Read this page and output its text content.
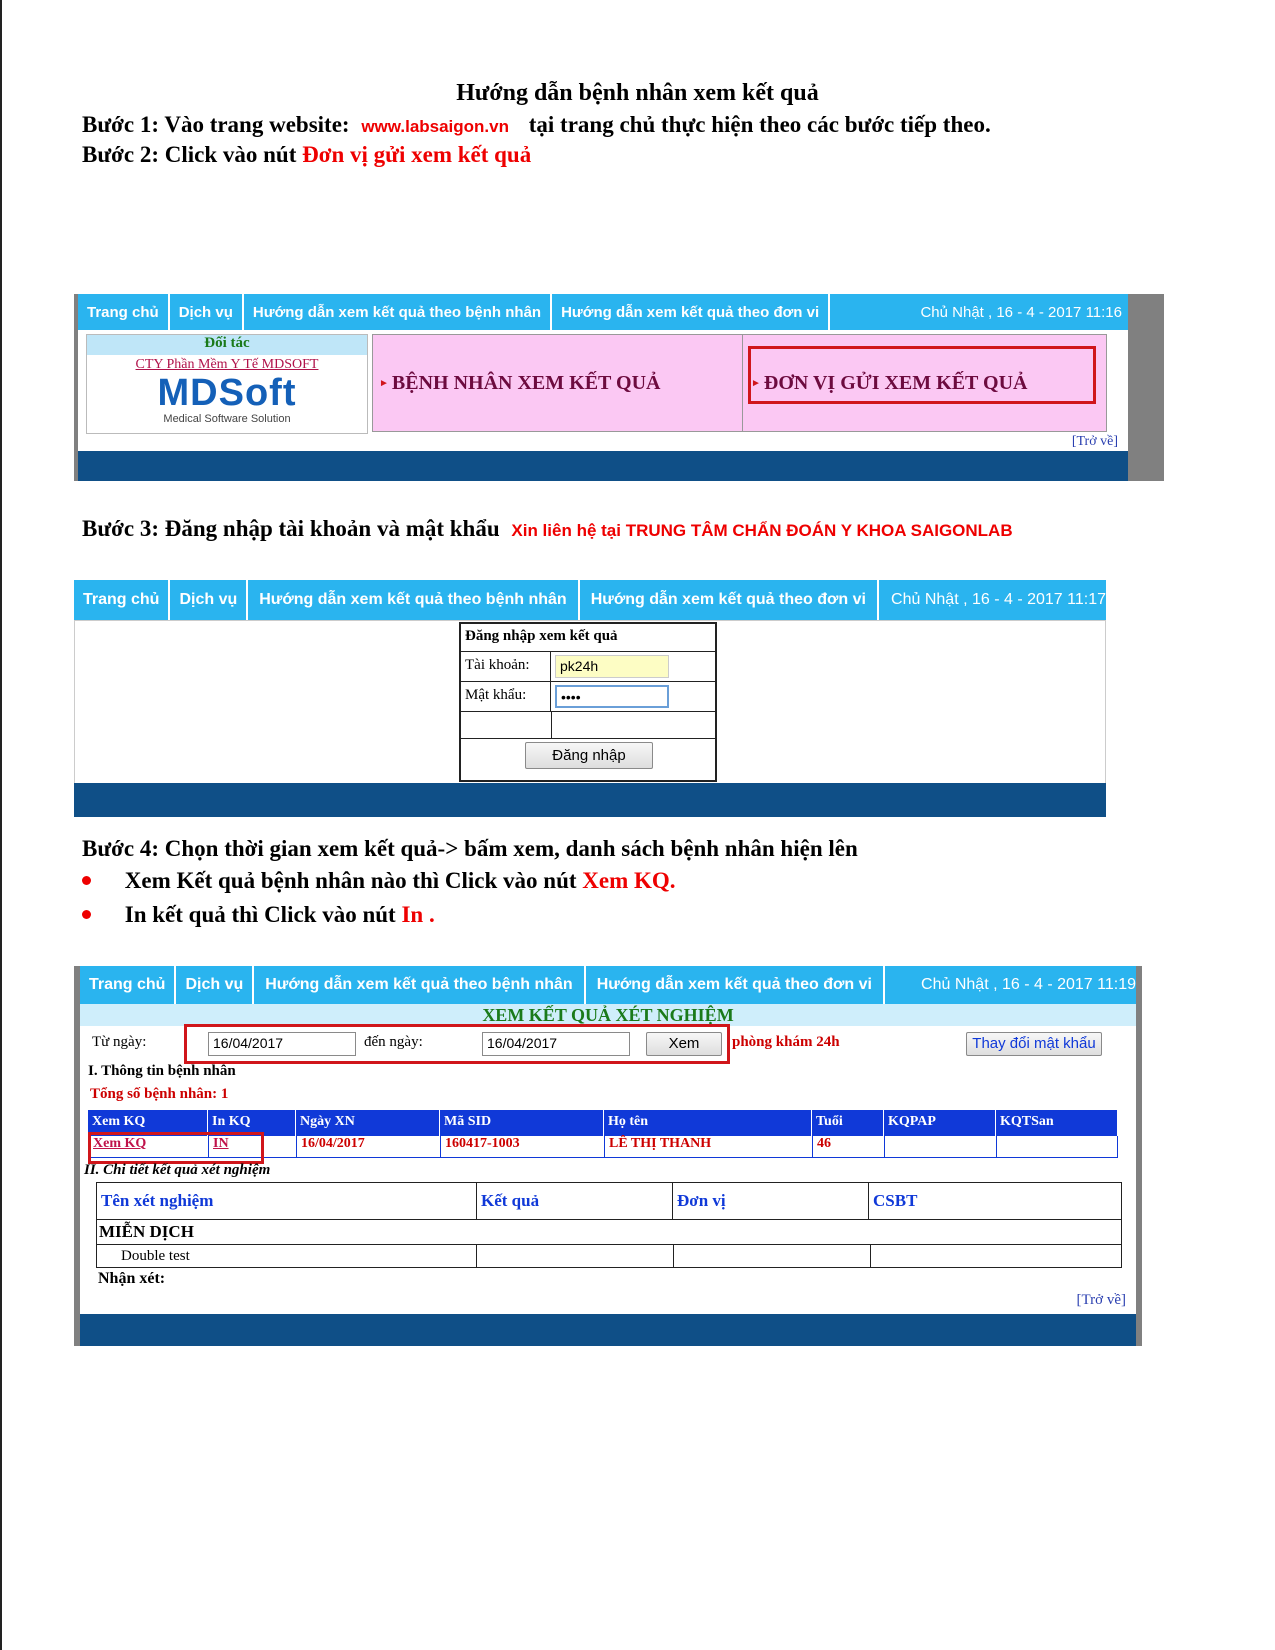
Hướng dẫn bệnh nhân xem kết quả
Bước 1: Vào trang website: www.labsaigon.vn tại trang chủ thực hiện theo các bước tiếp theo.
Bước 2: Click vào nút Đơn vị gửi xem kết quả
Trang chủ	Dịch vụ	Hướng dẫn xem kết quả theo bệnh nhân	Hướng dẫn xem kết quả theo đơn vi	Chủ Nhật , 16 - 4 - 2017 11:16
Đối tác
CTY Phần Mềm Y Tế MDSOFT
MDSoft
Medical Software Solution
► BỆNH NHÂN XEM KẾT QUẢ	► ĐƠN VỊ GỬI XEM KẾT QUẢ
[Trở về]
Bước 3: Đăng nhập tài khoản và mật khẩu Xin liên hệ tại TRUNG TÂM CHẨN ĐOÁN Y KHOA SAIGONLAB
Trang chủ	Dịch vụ	Hướng dẫn xem kết quả theo bệnh nhân	Hướng dẫn xem kết quả theo đơn vi	Chủ Nhật , 16 - 4 - 2017 11:17
Đăng nhập xem kết quả
Tài khoản:	pk24h
Mật khẩu:	••••
Đăng nhập
Bước 4: Chọn thời gian xem kết quả-> bấm xem, danh sách bệnh nhân hiện lên
Xem Kết quả bệnh nhân nào thì Click vào nút Xem KQ.
In kết quả thì Click vào nút In .
Trang chủ	Dịch vụ	Hướng dẫn xem kết quả theo bệnh nhân	Hướng dẫn xem kết quả theo đơn vi	Chủ Nhật , 16 - 4 - 2017 11:19
XEM KẾT QUẢ XÉT NGHIỆM
Từ ngày:	16/04/2017	đến ngày:	16/04/2017	Xem	phòng khám 24h	Thay đổi mật khẩu
I. Thông tin bệnh nhân
Tổng số bệnh nhân: 1
Xem KQ	In KQ	Ngày XN	Mã SID	Họ tên	Tuổi	KQPAP	KQTSan
Xem KQ	IN	16/04/2017	160417-1003	LÊ THỊ THANH	46
II. Chi tiết kết quả xét nghiệm
Tên xét nghiệm	Kết quả	Đơn vị	CSBT
MIỄN DỊCH
Double test
Nhận xét:
[Trở về]
